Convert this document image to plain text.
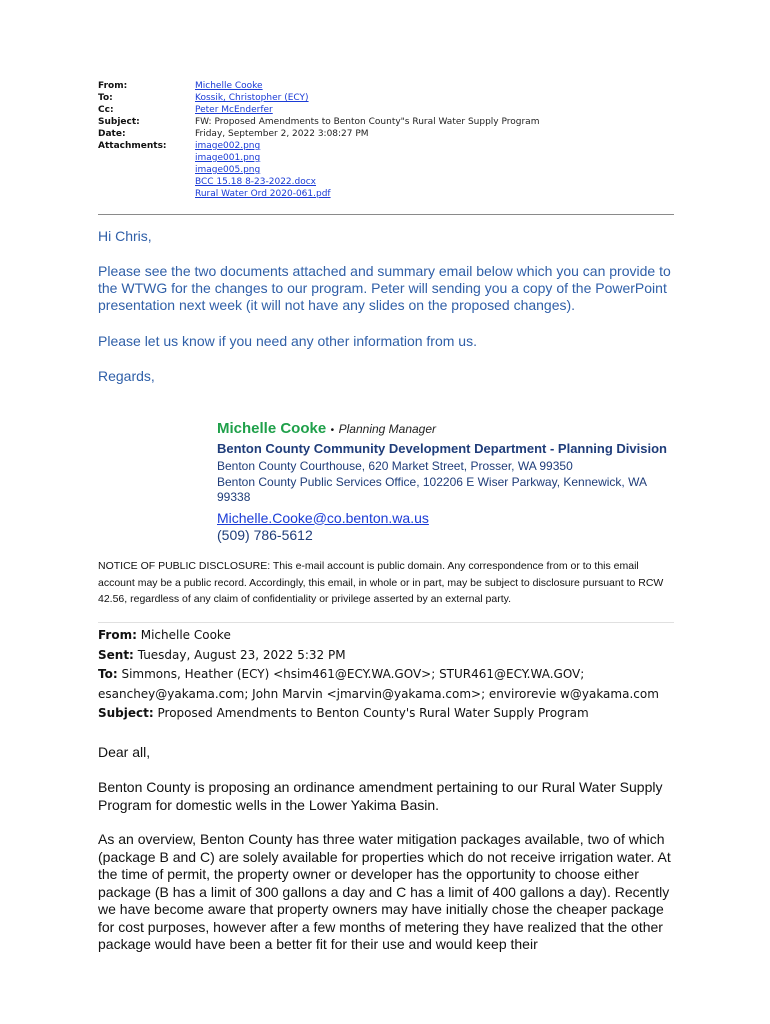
From:	Michelle Cooke
To:	Kossik, Christopher (ECY)
Cc:	Peter McEnderfer
Subject:	FW: Proposed Amendments to Benton County"s Rural Water Supply Program
Date:	Friday, September 2, 2022 3:08:27 PM
Attachments:	image002.png
image001.png
image005.png
BCC 15.18 8-23-2022.docx
Rural Water Ord 2020-061.pdf

Hi Chris,

Please see the two documents attached and summary email below which you can provide to the WTWG for the changes to our program. Peter will sending you a copy of the PowerPoint presentation next week (it will not have any slides on the proposed changes).

Please let us know if you need any other information from us.

Regards,

Michelle Cooke • Planning Manager
Benton County Community Development Department - Planning Division
Benton County Courthouse, 620 Market Street, Prosser, WA 99350
Benton County Public Services Office, 102206 E Wiser Parkway, Kennewick, WA 99338
Michelle.Cooke@co.benton.wa.us
(509) 786-5612
NOTICE OF PUBLIC DISCLOSURE: This e-mail account is public domain. Any correspondence from or to this email account may be a public record. Accordingly, this email, in whole or in part, may be subject to disclosure pursuant to RCW 42.56, regardless of any claim of confidentiality or privilege asserted by an external party.
From: Michelle Cooke
Sent: Tuesday, August 23, 2022 5:32 PM
To: Simmons, Heather (ECY) <hsim461@ECY.WA.GOV>; STUR461@ECY.WA.GOV;
esanchey@yakama.com; John Marvin <jmarvin@yakama.com>; envirorevie w@yakama.com
Subject: Proposed Amendments to Benton County's Rural Water Supply Program

Dear all,

Benton County is proposing an ordinance amendment pertaining to our Rural Water Supply Program for domestic wells in the Lower Yakima Basin.

As an overview, Benton County has three water mitigation packages available, two of which (package B and C) are solely available for properties which do not receive irrigation water. At the time of permit, the property owner or developer has the opportunity to choose either package (B has a limit of 300 gallons a day and C has a limit of 400 gallons a day). Recently we have become aware that property owners may have initially chose the cheaper package for cost purposes, however after a few months of metering they have realized that the other package would have been a better fit for their use and would keep their
